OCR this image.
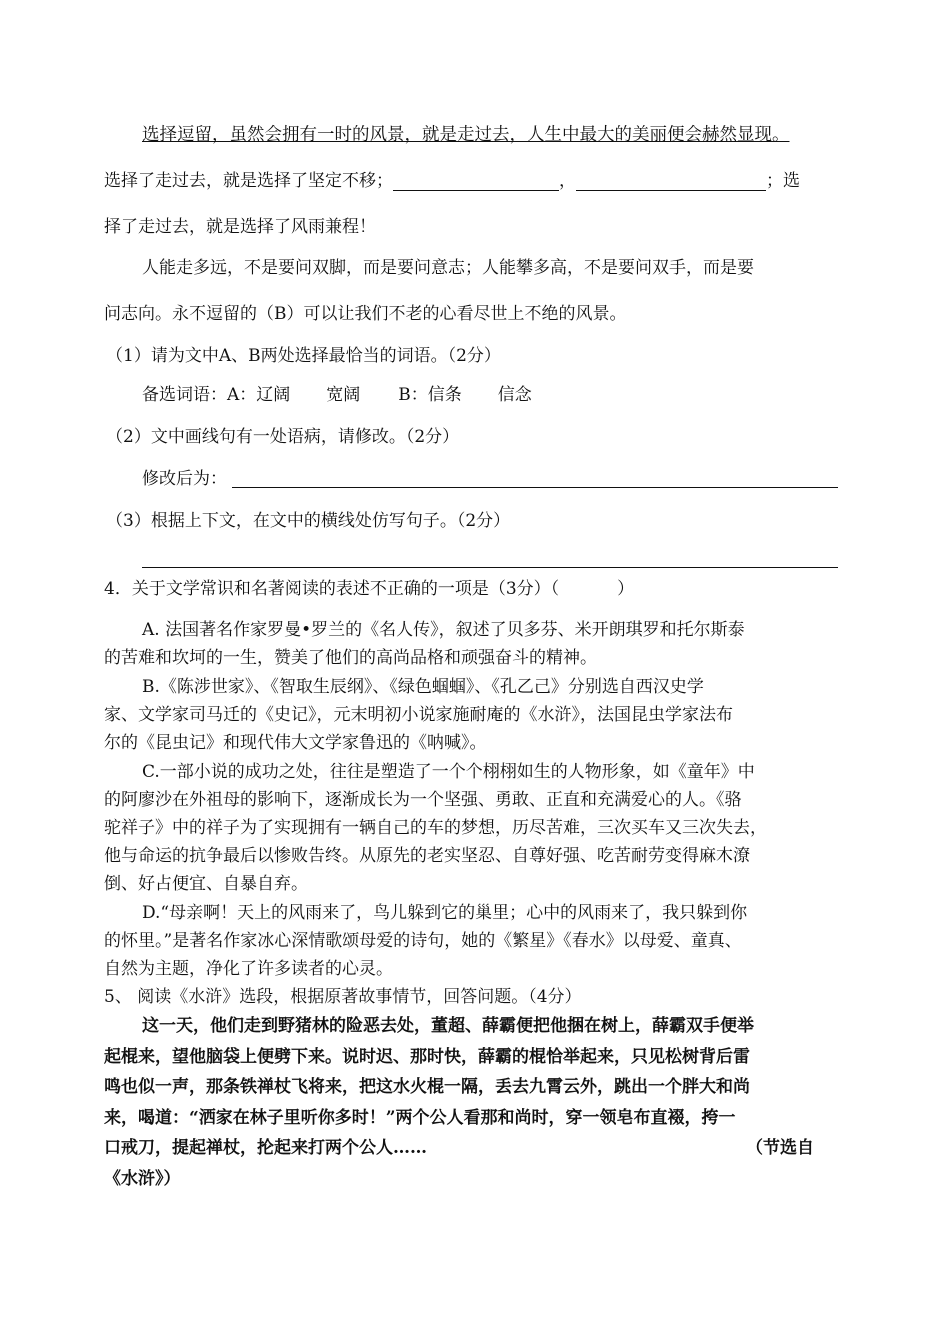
选择逗留，虽然会拥有一时的风景，就是走过去，人生中最大的美丽便会赫然显现。
选择了走过去，就是选择了坚定不移；	，	；选
择了走过去，就是选择了风雨兼程！
人能走多远，不是要问双脚，而是要问意志；人能攀多高，不是要问双手，而是要
问志向。永不逗留的（B）可以让我们不老的心看尽世上不绝的风景。
（1）请为文中A、B两处选择最恰当的词语。（2分）
备选词语：A：辽阔 宽阔 B：信条 信念
（2）文中画线句有一处语病，请修改。（2分）
修改后为：
（3）根据上下文，在文中的横线处仿写句子。（2分）
4．关于文学常识和名著阅读的表述不正确的一项是（3分）（	）
A. 法国著名作家罗曼•罗兰的《名人传》，叙述了贝多芬、米开朗琪罗和托尔斯泰
的苦难和坎坷的一生，赞美了他们的高尚品格和顽强奋斗的精神。
B.《陈涉世家》、《智取生辰纲》、《绿色蝈蝈》、《孔乙己》分别选自西汉史学
家、文学家司马迁的《史记》，元末明初小说家施耐庵的《水浒》，法国昆虫学家法布
尔的《昆虫记》和现代伟大文学家鲁迅的《呐喊》。
C.一部小说的成功之处，往往是塑造了一个个栩栩如生的人物形象，如《童年》中
的阿廖沙在外祖母的影响下，逐渐成长为一个坚强、勇敢、正直和充满爱心的人。《骆
驼祥子》中的祥子为了实现拥有一辆自己的车的梦想，历尽苦难，三次买车又三次失去，
他与命运的抗争最后以惨败告终。从原先的老实坚忍、自尊好强、吃苦耐劳变得麻木潦
倒、好占便宜、自暴自弃。
D.“母亲啊！天上的风雨来了，鸟儿躲到它的巢里；心中的风雨来了，我只躲到你
的怀里。”是著名作家冰心深情歌颂母爱的诗句，她的《繁星》《春水》以母爱、童真、
自然为主题，净化了许多读者的心灵。
5、 阅读《水浒》选段，根据原著故事情节，回答问题。（4分）
这一天，他们走到野猪林的险恶去处，董超、薛霸便把他捆在树上，薛霸双手便举
起棍来，望他脑袋上便劈下来。说时迟、那时快，薛霸的棍恰举起来，只见松树背后雷
鸣也似一声，那条铁禅杖飞将来，把这水火棍一隔，丢去九霄云外，跳出一个胖大和尚
来，喝道：“洒家在林子里听你多时！”两个公人看那和尚时，穿一领皂布直裰，挎一
口戒刀，提起禅杖，抡起来打两个公人……	（节选自
《水浒》）
